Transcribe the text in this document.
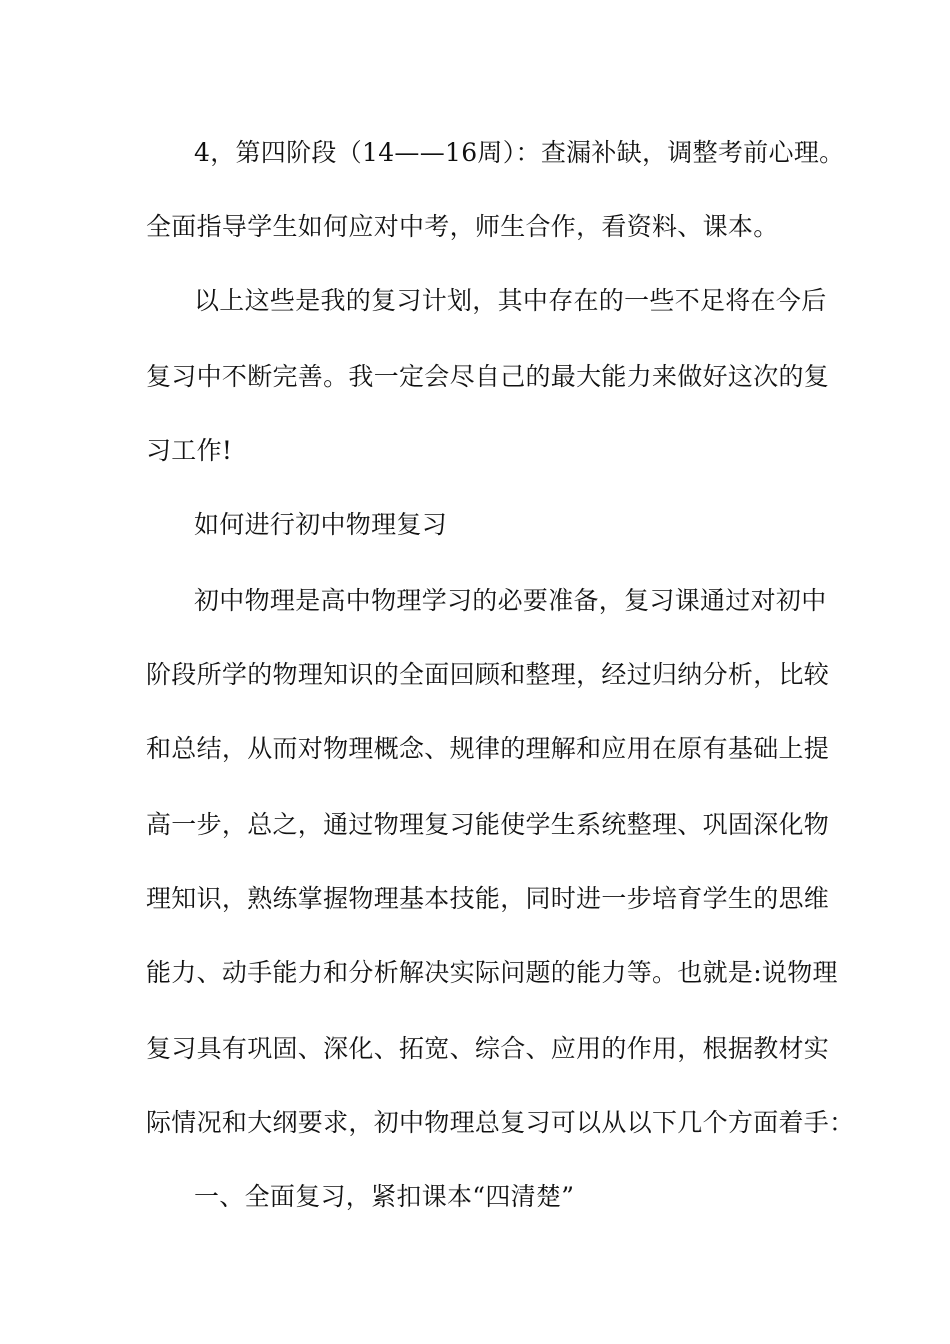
4，第四阶段（14——16周）：查漏补缺，调整考前心理。
全面指导学生如何应对中考，师生合作，看资料、课本。
以上这些是我的复习计划，其中存在的一些不足将在今后
复习中不断完善。我一定会尽自己的最大能力来做好这次的复
习工作!
如何进行初中物理复习
初中物理是高中物理学习的必要准备，复习课通过对初中
阶段所学的物理知识的全面回顾和整理，经过归纳分析，比较
和总结，从而对物理概念、规律的理解和应用在原有基础上提
高一步，总之，通过物理复习能使学生系统整理、巩固深化物
理知识，熟练掌握物理基本技能，同时进一步培育学生的思维
能力、动手能力和分析解决实际问题的能力等。也就是:说物理
复习具有巩固、深化、拓宽、综合、应用的作用，根据教材实
际情况和大纲要求，初中物理总复习可以从以下几个方面着手：
一、全面复习，紧扣课本“四清楚”
